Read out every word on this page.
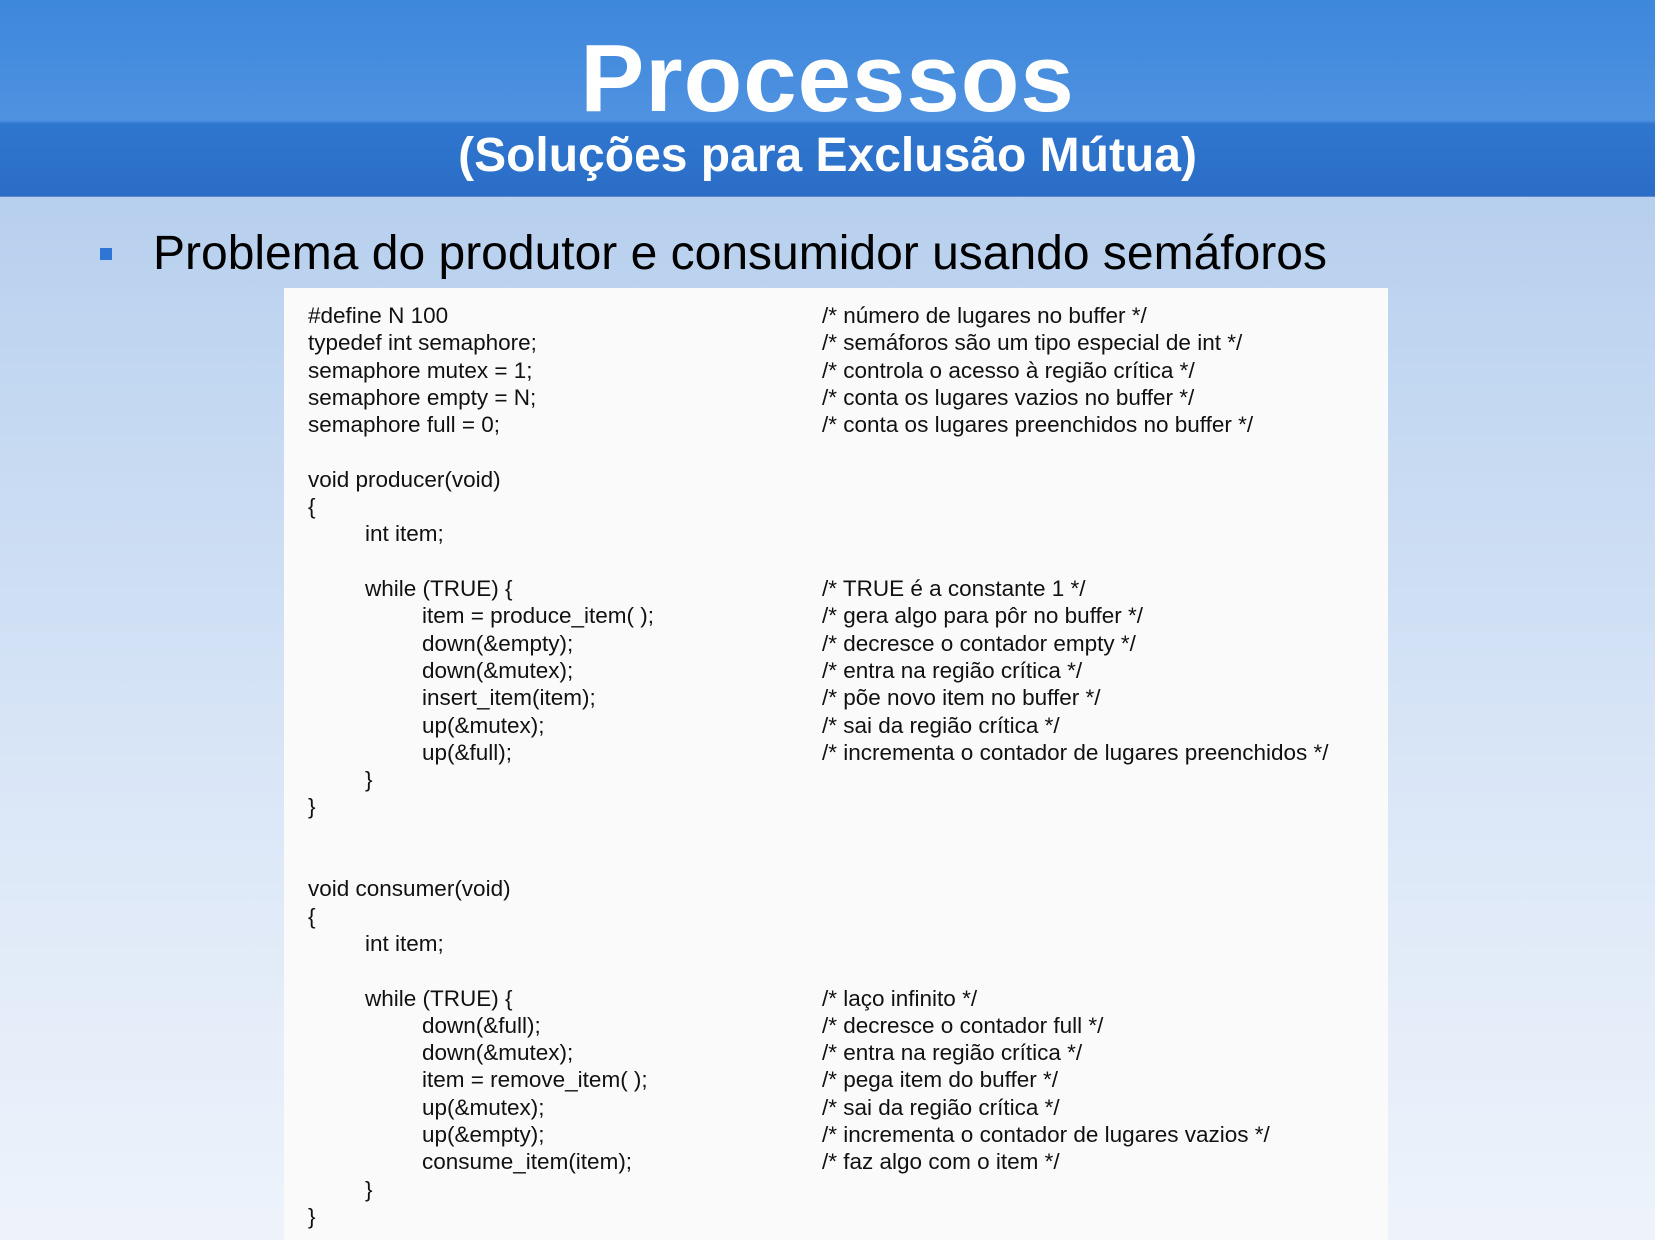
Processos
(Soluções para Exclusão Mútua)
Problema do produtor e consumidor usando semáforos
#define N 100	/* número de lugares no buffer */
typedef int semaphore;	/* semáforos são um tipo especial de int */
semaphore mutex = 1;	/* controla o acesso à região crítica */
semaphore empty = N;	/* conta os lugares vazios no buffer */
semaphore full = 0;	/* conta os lugares preenchidos no buffer */
void producer(void)
{
int item;
while (TRUE) {	/* TRUE é a constante 1 */
item = produce_item( );	/* gera algo para pôr no buffer */
down(&empty);	/* decresce o contador empty */
down(&mutex);	/* entra na região crítica */
insert_item(item);	/* põe novo item no buffer */
up(&mutex);	/* sai da região crítica */
up(&full);	/* incrementa o contador de lugares preenchidos */
}
}
void consumer(void)
{
int item;
while (TRUE) {	/* laço infinito */
down(&full);	/* decresce o contador full */
down(&mutex);	/* entra na região crítica */
item = remove_item( );	/* pega item do buffer */
up(&mutex);	/* sai da região crítica */
up(&empty);	/* incrementa o contador de lugares vazios */
consume_item(item);	/* faz algo com o item */
}
}
